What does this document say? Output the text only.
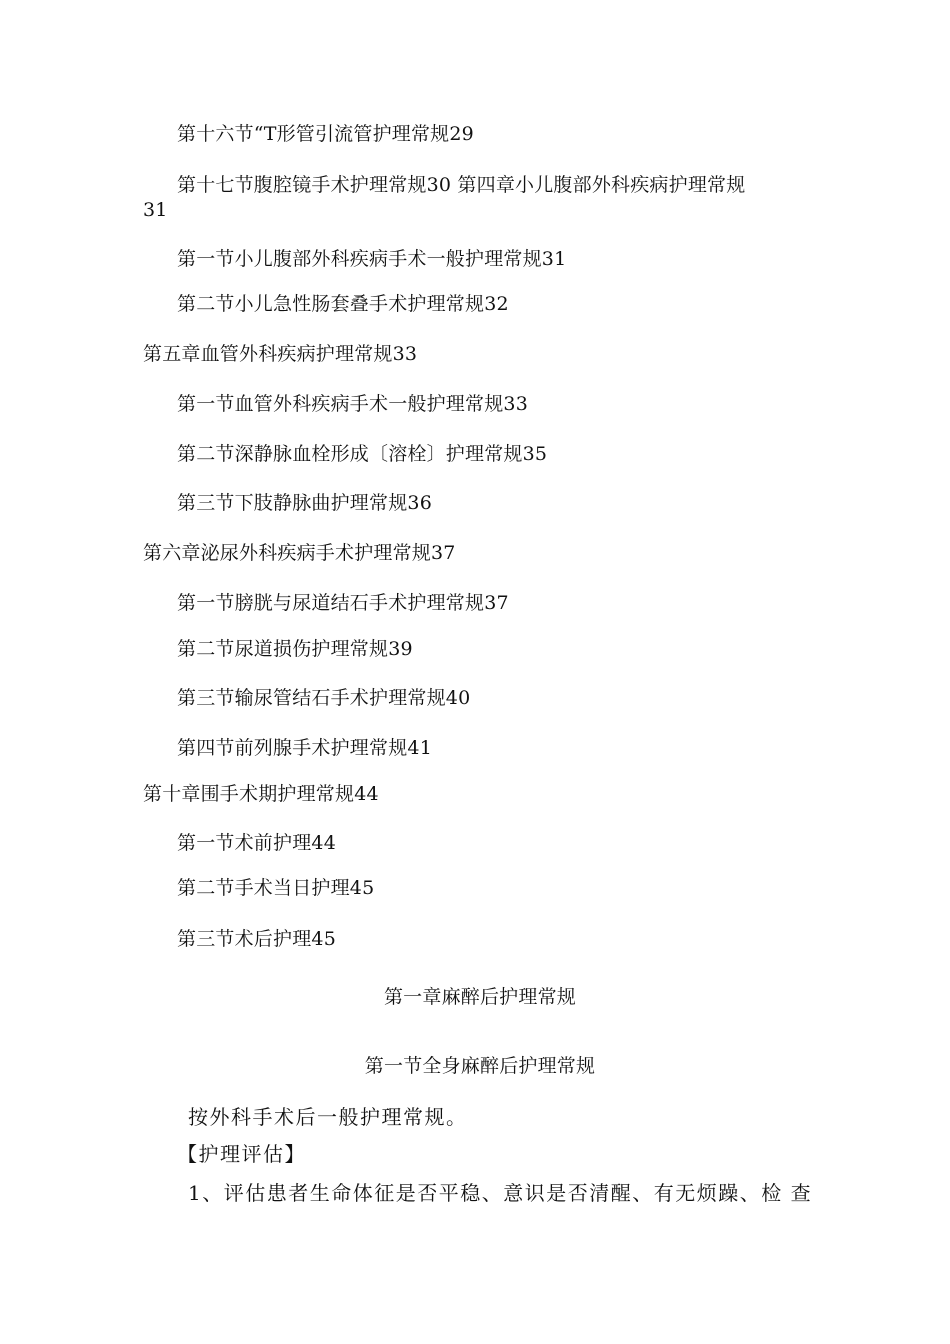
第十六节“T形管引流管护理常规29
第十七节腹腔镜手术护理常规30 第四章小儿腹部外科疾病护理常规
31
第一节小儿腹部外科疾病手术一般护理常规31
第二节小儿急性肠套叠手术护理常规32
第五章血管外科疾病护理常规33
第一节血管外科疾病手术一般护理常规33
第二节深静脉血栓形成〔溶栓〕护理常规35
第三节下肢静脉曲护理常规36
第六章泌尿外科疾病手术护理常规37
第一节膀胱与尿道结石手术护理常规37
第二节尿道损伤护理常规39
第三节输尿管结石手术护理常规40
第四节前列腺手术护理常规41
第十章围手术期护理常规44
第一节术前护理44
第二节手术当日护理45
第三节术后护理45
第一章麻醉后护理常规
第一节全身麻醉后护理常规
按外科手术后一般护理常规。
【护理评估】
1、评估患者生命体征是否平稳、意识是否清醒、有无烦躁、检 查
